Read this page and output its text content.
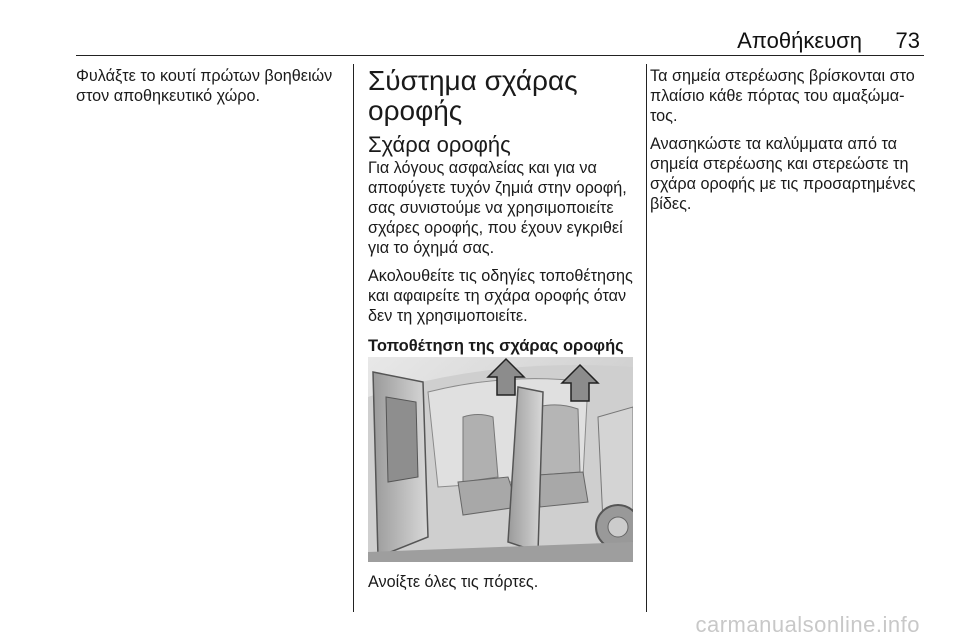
Αποθήκευση 73

Φυλάξτε το κουτί πρώτων βοηθειών στον αποθηκευτικό χώρο.	Σύστημα σχάρας οροφής
Σχάρα οροφής

Για λόγους ασφαλείας και για να αποφύγετε τυχόν ζημιά στην οροφή, σας συνιστούμε να χρησιμοποιείτε σχάρες οροφής, που έχουν εγκριθεί για το όχημά σας.

Ακολουθείτε τις οδηγίες τοποθέτησης και αφαιρείτε τη σχάρα οροφής όταν δεν τη χρησιμοποιείτε.

Τοποθέτηση της σχάρας οροφής
Ανοίξτε όλες τις πόρτες.

Τα σημεία στερέωσης βρίσκονται στο πλαίσιο κάθε πόρτας του αμαξώμα-τος.

Ανασηκώστε τα καλύμματα από τα σημεία στερέωσης και στερεώστε τη σχάρα οροφής με τις προσαρτημένες βίδες.

carmanualsonline.info
